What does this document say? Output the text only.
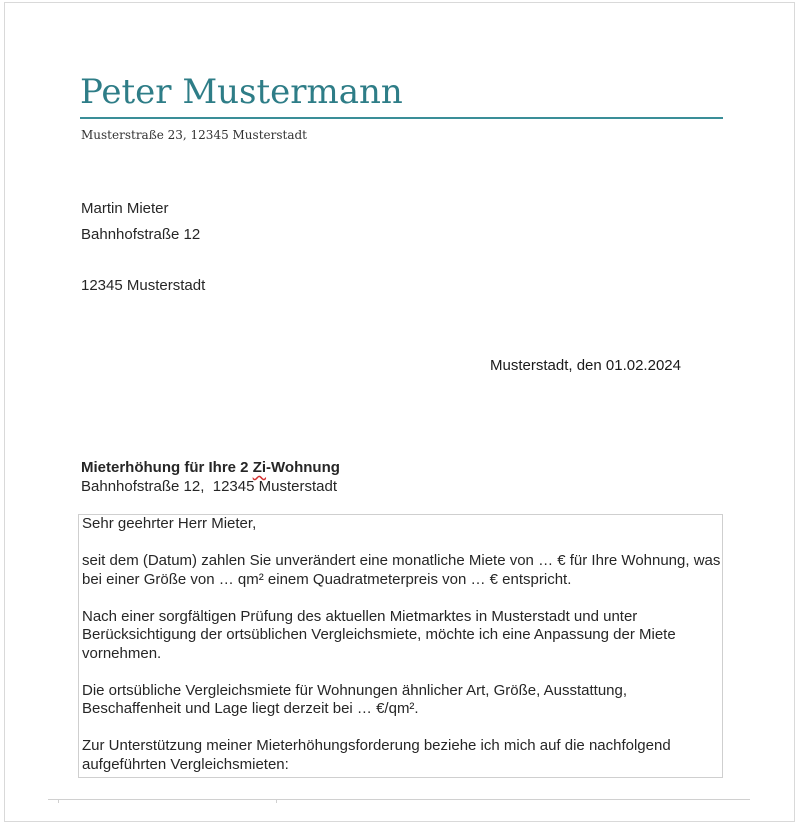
Peter Mustermann
Musterstraße 23, 12345 Musterstadt
Martin Mieter
Bahnhofstraße 12
12345 Musterstadt
Musterstadt, den 01.02.2024
Mieterhöhung für Ihre 2 Zi-Wohnung
Bahnhofstraße 12,  12345 Musterstadt

Sehr geehrter Herr Mieter,

seit dem (Datum) zahlen Sie unverändert eine monatliche Miete von … € für Ihre Wohnung, was bei einer Größe von … qm² einem Quadratmeterpreis von … € entspricht.

Nach einer sorgfältigen Prüfung des aktuellen Mietmarktes in Musterstadt und unter Berücksichtigung der ortsüblichen Vergleichsmiete, möchte ich eine Anpassung der Miete vornehmen.

Die ortsübliche Vergleichsmiete für Wohnungen ähnlicher Art, Größe, Ausstattung, Beschaffenheit und Lage liegt derzeit bei … €/qm².

Zur Unterstützung meiner Mieterhöhungsforderung beziehe ich mich auf die nachfolgend aufgeführten Vergleichsmieten:
